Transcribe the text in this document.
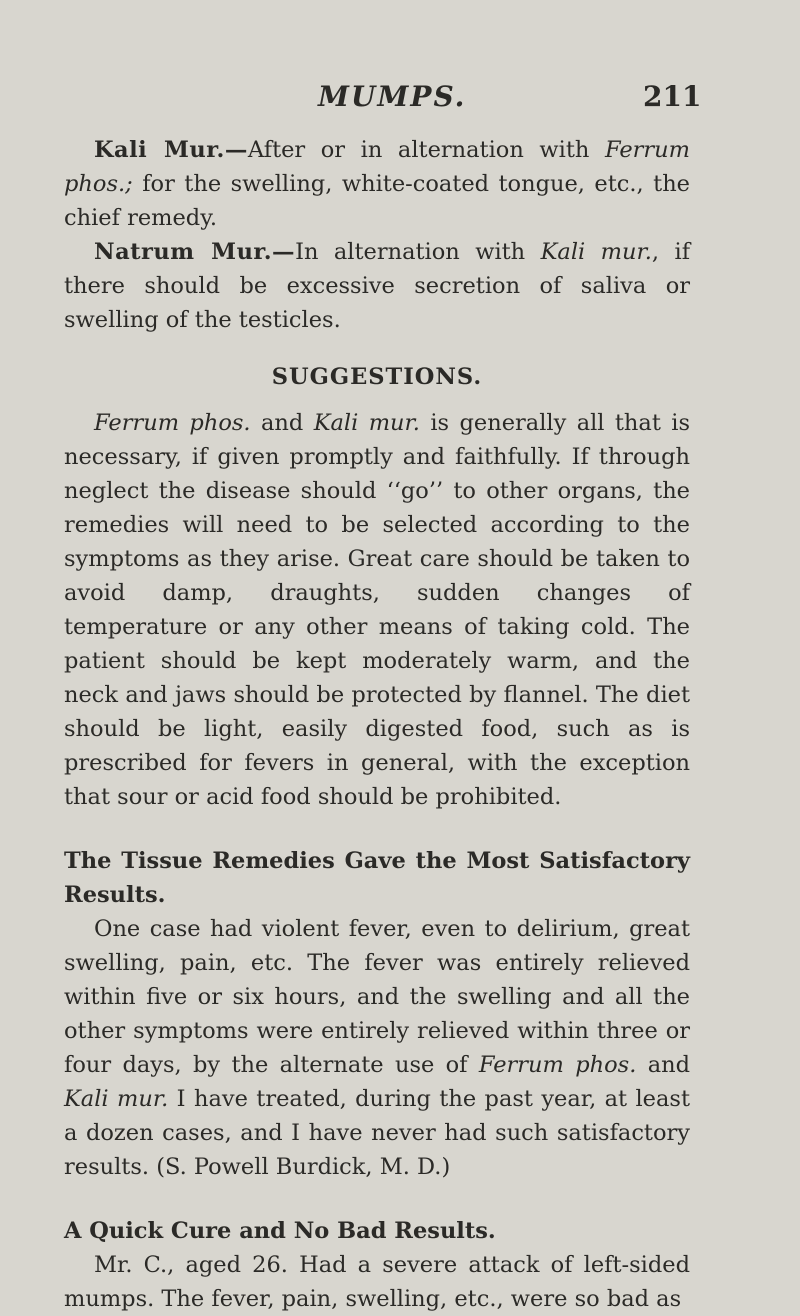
MUMPS.	211

Kali Mur.—After or in alternation with Ferrum phos.; for the swelling, white-coated tongue, etc., the chief remedy.

Natrum Mur.—In alternation with Kali mur., if there should be excessive secretion of saliva or swelling of the testicles.

SUGGESTIONS.

Ferrum phos. and Kali mur. is generally all that is necessary, if given promptly and faithfully. If through neglect the disease should ‘‘go’’ to other organs, the remedies will need to be selected according to the symptoms as they arise. Great care should be taken to avoid damp, draughts, sudden changes of temperature or any other means of taking cold. The patient should be kept moderately warm, and the neck and jaws should be protected by flannel. The diet should be light, easily digested food, such as is prescribed for fevers in general, with the exception that sour or acid food should be prohibited.

The Tissue Remedies Gave the Most Satisfactory Results.

One case had violent fever, even to delirium, great swelling, pain, etc. The fever was entirely relieved within five or six hours, and the swelling and all the other symptoms were entirely relieved within three or four days, by the alternate use of Ferrum phos. and Kali mur. I have treated, during the past year, at least a dozen cases, and I have never had such satisfactory results. (S. Powell Burdick, M. D.)

A Quick Cure and No Bad Results.

Mr. C., aged 26. Had a severe attack of left-sided mumps. The fever, pain, swelling, etc., were so bad as
